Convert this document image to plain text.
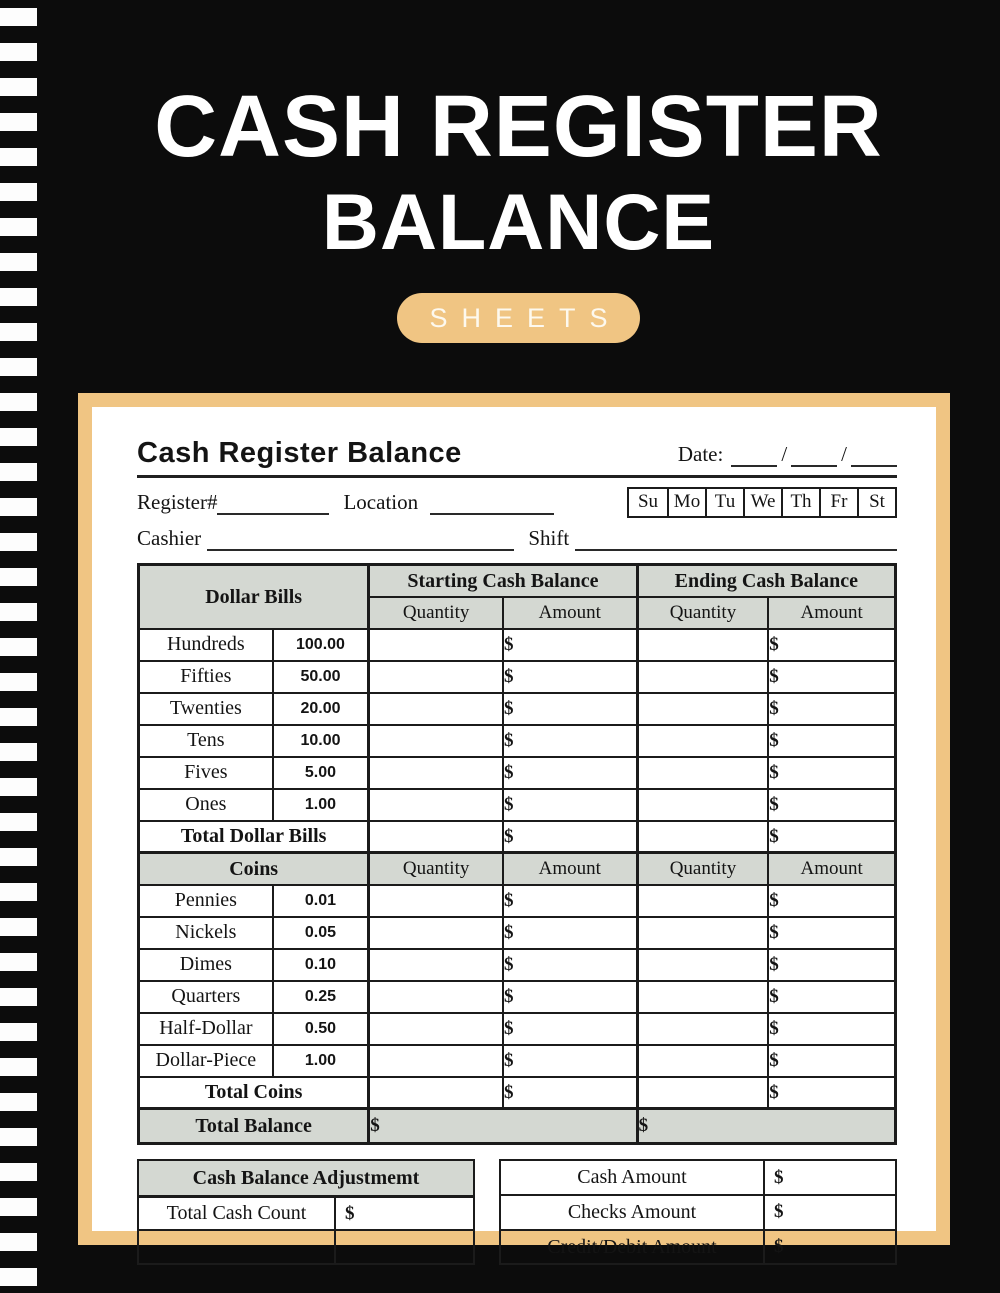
CASH REGISTER
BALANCE
SHEETS
Cash Register Balance	Date:	/	/
Register#	Location	Su Mo Tu We Th	Fr	St
Cashier	Shift
Dollar Bills		Starting Cash Balance		Ending Cash Balance	
		Quantity	Amount	Quantity	Amount
Hundreds	100.00		$		$
Fifties	50.00		$		$
Twenties	20.00		$		$
Tens	10.00		$		$
Fives	5.00		$		$
Ones	1.00		$		$
Total Dollar Bills			$		$
Coins		Quantity	Amount	Quantity	Amount
Pennies	0.01		$		$
Nickels	0.05		$		$
Dimes	0.10		$		$
Quarters	0.25		$		$
Half-Dollar	0.50		$		$
Dollar-Piece	1.00		$		$
Total Coins			$		$
Total Balance		$		$	
Cash Balance Adjustmemt	
Total Cash Count	$

Cash Amount	$
Checks Amount	$
Credit/Debit Amount	$
